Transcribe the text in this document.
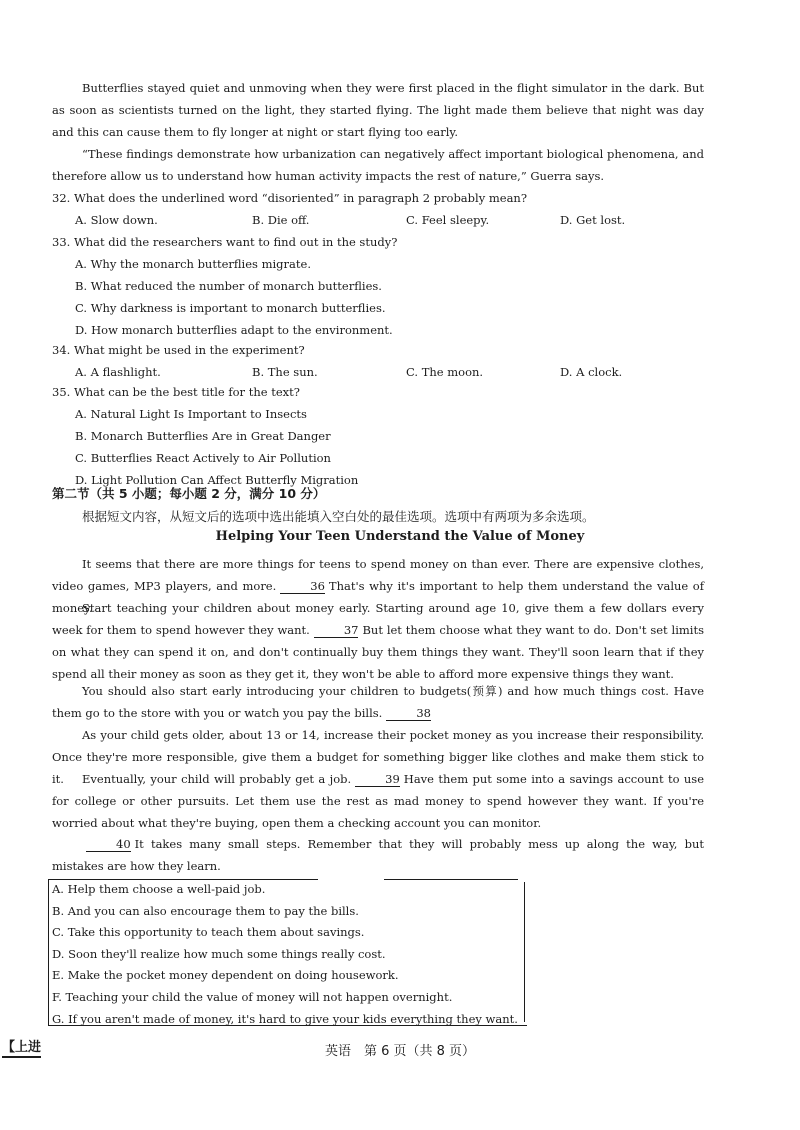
Butterflies stayed quiet and unmoving when they were first placed in the flight simulator in the dark. But as soon as scientists turned on the light, they started flying. The light made them believe that night was day and this can cause them to fly longer at night or start flying too early.

“These findings demonstrate how urbanization can negatively affect important biological phenomena, and therefore allow us to understand how human activity impacts the rest of nature,” Guerra says.

32. What does the underlined word “disoriented” in paragraph 2 probably mean?
A. Slow down.	B. Die off.	C. Feel sleepy.	D. Get lost.
33. What did the researchers want to find out in the study?
A. Why the monarch butterflies migrate.
B. What reduced the number of monarch butterflies.
C. Why darkness is important to monarch butterflies.
D. How monarch butterflies adapt to the environment.
34. What might be used in the experiment?
A. A flashlight.	B. The sun.	C. The moon.	D. A clock.
35. What can be the best title for the text?
A. Natural Light Is Important to Insects
B. Monarch Butterflies Are in Great Danger
C. Butterflies React Actively to Air Pollution
D. Light Pollution Can Affect Butterfly Migration
第二节（共 5 小题；每小题 2 分，满分 10 分）
根据短文内容，从短文后的选项中选出能填入空白处的最佳选项。选项中有两项为多余选项。
Helping Your Teen Understand the Value of Money

It seems that there are more things for teens to spend money on than ever. There are expensive clothes, video games, MP3 players, and more.	36 That's why it's important to help them understand the value of money.

Start teaching your children about money early. Starting around age 10, give them a few dollars every week for them to spend however they want.	37 But let them choose what they want to do. Don't set limits on what they can spend it on, and don't continually buy them things they want. They'll soon learn that if they spend all their money as soon as they get it, they won't be able to afford more expensive things they want.

You should also start early introducing your children to budgets(预算) and how much things cost. Have them go to the store with you or watch you pay the bills.	38

As your child gets older, about 13 or 14, increase their pocket money as you increase their responsibility. Once they're more responsible, give them a budget for something bigger like clothes and make them stick to it.	Eventually, your child will probably get a job.	39 Have them put some into a savings account to use for college or other pursuits. Let them use the rest as mad money to spend however they want. If you're worried about what they're buying, open them a checking account you can monitor.

40 It takes many small steps. Remember that they will probably mess up along the way, but mistakes are how they learn.

A. Help them choose a well-paid job.
B. And you can also encourage them to pay the bills.
C. Take this opportunity to teach them about savings.
D. Soon they'll realize how much some things really cost.
E. Make the pocket money dependent on doing housework.
F. Teaching your child the value of money will not happen overnight.
G. If you aren't made of money, it's hard to give your kids everything they want.
【上进	英语　第 6 页（共 8 页）
